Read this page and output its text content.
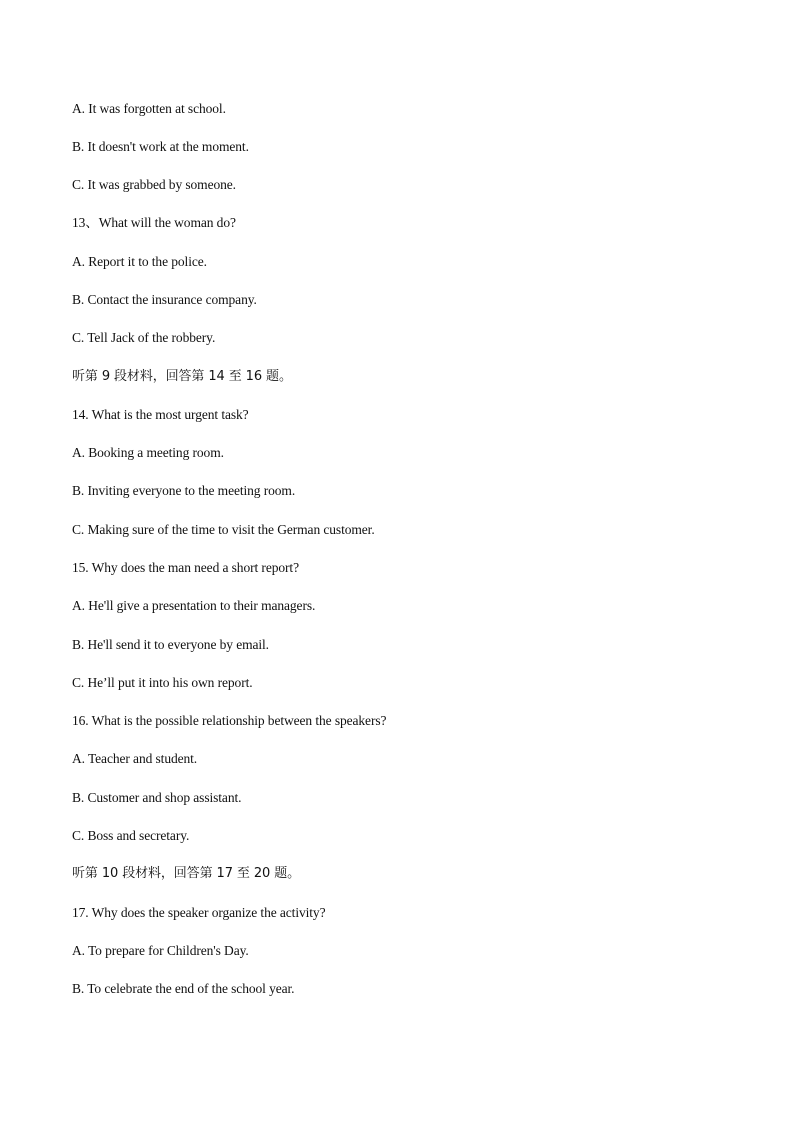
A. It was forgotten at school.
B. It doesn't work at the moment.
C. It was grabbed by someone.
13、What will the woman do?
A. Report it to the police.
B. Contact the insurance company.
C. Tell Jack of the robbery.
听第 9 段材料，回答第 14 至 16 题。
14. What is the most urgent task?
A. Booking a meeting room.
B. Inviting everyone to the meeting room.
C. Making sure of the time to visit the German customer.
15. Why does the man need a short report?
A. He'll give a presentation to their managers.
B. He'll send it to everyone by email.
C. He’ll put it into his own report.
16. What is the possible relationship between the speakers?
A. Teacher and student.
B. Customer and shop assistant.
C. Boss and secretary.
听第 10 段材料，回答第 17 至 20 题。
17. Why does the speaker organize the activity?
A. To prepare for Children's Day.
B. To celebrate the end of the school year.
